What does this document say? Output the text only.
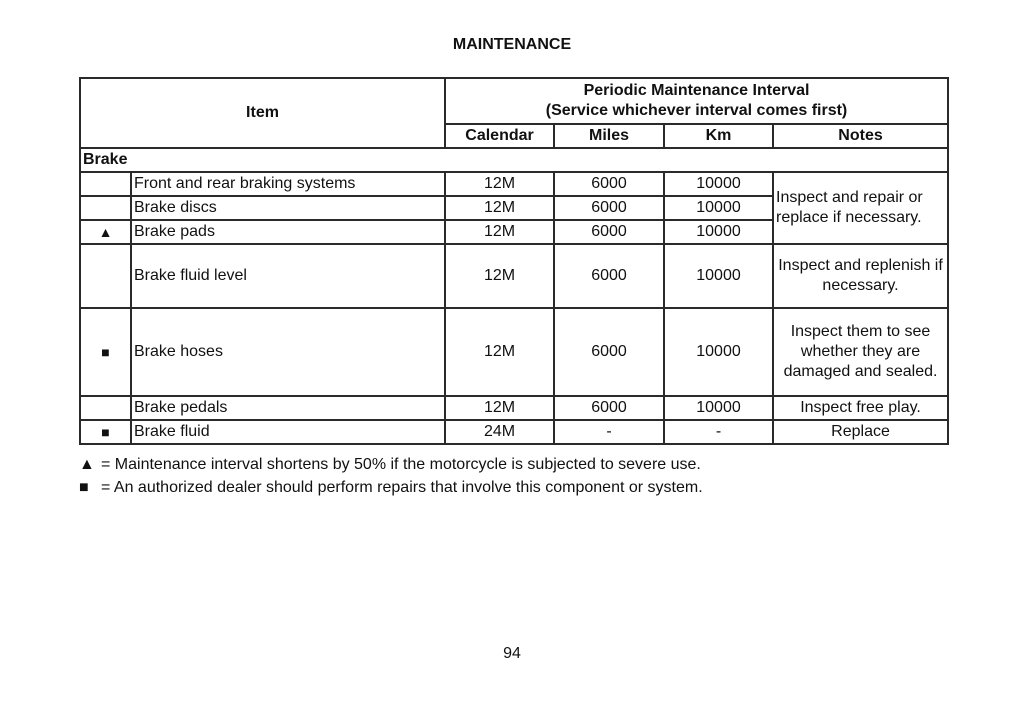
MAINTENANCE
Item		Periodic Maintenance Interval
(Service whichever interval comes first)			

		Calendar	Miles	Km	Notes
Brake					
	Front and rear braking systems	12M	6000	10000	Inspect and repair or replace if necessary.
	Brake discs	12M	6000	10000	
▲	Brake pads	12M	6000	10000	
	Brake fluid level	12M	6000	10000	Inspect and replenish if necessary.
■	Brake hoses	12M	6000	10000	Inspect them to see whether they are damaged and sealed.
	Brake pedals	12M	6000	10000	Inspect free play.
■	Brake fluid	24M	-	-	Replace
▲ = Maintenance interval shortens by 50% if the motorcycle is subjected to severe use.
■ = An authorized dealer should perform repairs that involve this component or system.
94
